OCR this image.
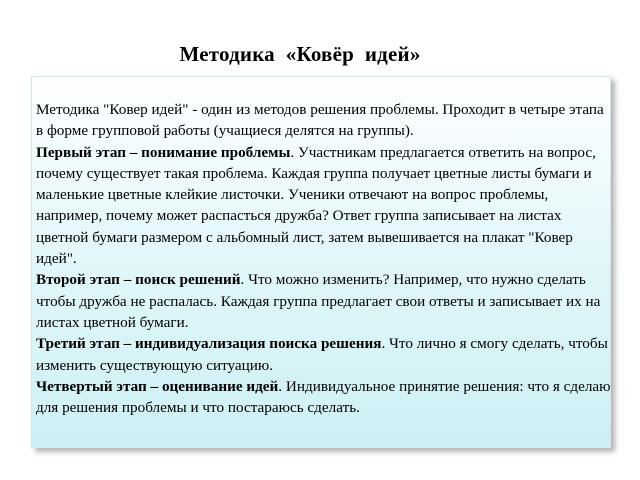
Методика  «Ковёр  идей»

Методика "Ковер идей" - один из методов решения проблемы. Проходит в четыре этапа в форме групповой работы (учащиеся делятся на группы).

Первый этап – понимание проблемы. Участникам предлагается ответить на вопрос, почему существует такая проблема. Каждая группа получает цветные листы бумаги и маленькие цветные клейкие листочки. Ученики отвечают на вопрос проблемы, например, почему может распасться дружба? Ответ группа записывает на листах цветной бумаги размером с альбомный лист, затем вывешивается на плакат "Ковер идей".

Второй этап – поиск решений. Что можно изменить? Например, что нужно сделать чтобы дружба не распалась. Каждая группа предлагает свои ответы и записывает их на листах цветной бумаги.

Третий этап – индивидуализация поиска решения. Что лично я смогу сделать, чтобы изменить существующую ситуацию.

Четвертый этап – оценивание идей. Индивидуальное принятие решения: что я сделаю для решения проблемы и что постараюсь сделать.
